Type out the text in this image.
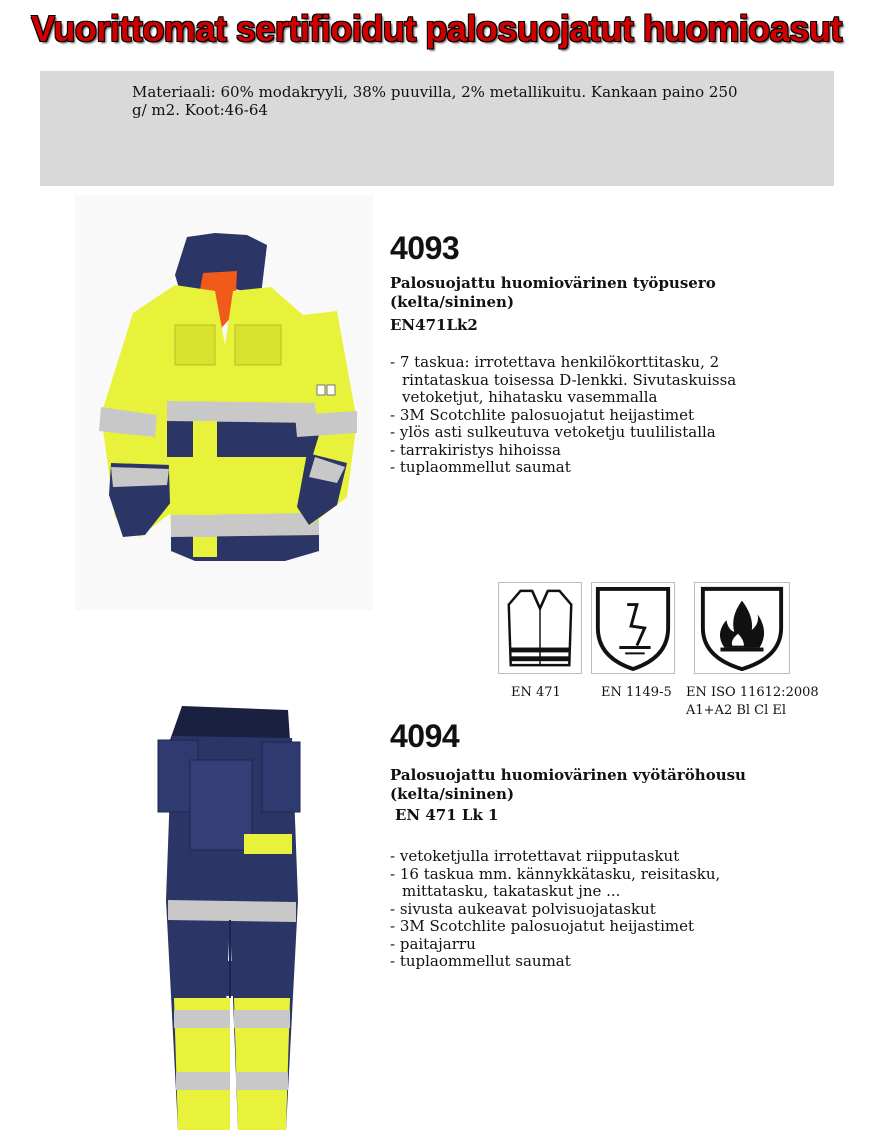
Vuorittomat sertifioidut palosuojatut huomioasut
Materiaali: 60% modakryyli, 38% puuvilla, 2% metallikuitu. Kankaan paino 250 g/ m2. Koot:46-64
4093
Palosuojattu huomiovärinen työpusero (kelta/sininen)
EN471Lk2
- 7 taskua: irrotettava henkilökorttitasku, 2 rintataskua toisessa D-lenkki. Sivutaskuissa vetoketjut, hihatasku vasemmalla
- 3M Scotchlite palosuojatut heijastimet
- ylös asti sulkeutuva vetoketju tuulilistalla
- tarrakiristys hihoissa
- tuplaommellut saumat
EN 471	EN 1149-5 EN ISO 11612:2008
A1+A2 Bl Cl El
4094
Palosuojattu huomiovärinen vyötäröhousu (kelta/sininen)
EN 471 Lk 1
- vetoketjulla irrotettavat riipputaskut
- 16 taskua mm. kännykkätasku, reisitasku, mittatasku, takataskut jne ...
- sivusta aukeavat polvisuojataskut
- 3M Scotchlite palosuojatut heijastimet
- paitajarru
- tuplaommellut saumat
